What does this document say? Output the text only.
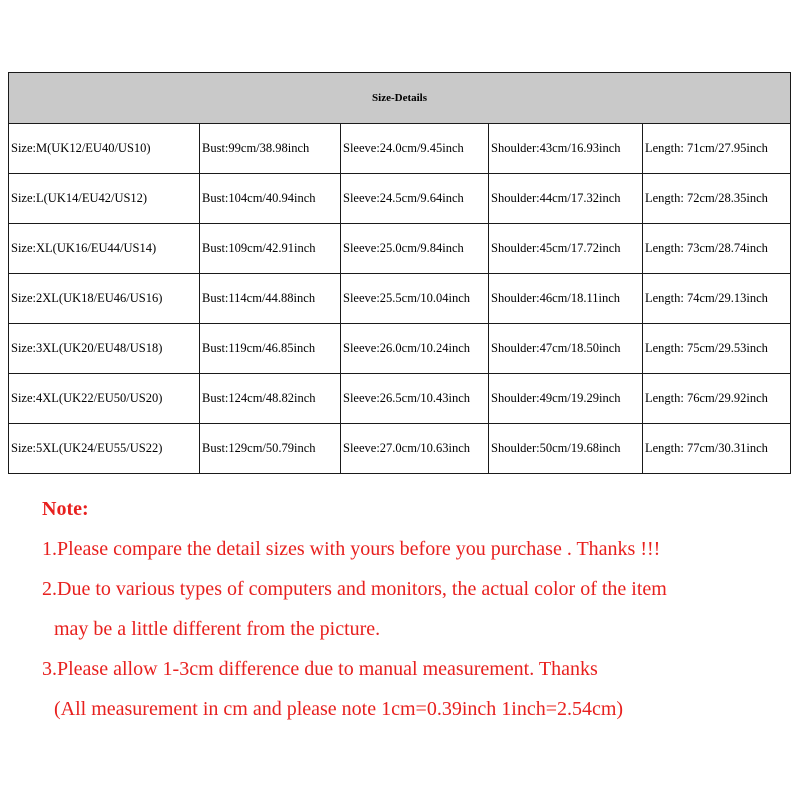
Size-Details				
Size:M(UK12/EU40/US10)	Bust:99cm/38.98inch	Sleeve:24.0cm/9.45inch	Shoulder:43cm/16.93inch	Length: 71cm/27.95inch
Size:L(UK14/EU42/US12)	Bust:104cm/40.94inch	Sleeve:24.5cm/9.64inch	Shoulder:44cm/17.32inch	Length: 72cm/28.35inch
Size:XL(UK16/EU44/US14)	Bust:109cm/42.91inch	Sleeve:25.0cm/9.84inch	Shoulder:45cm/17.72inch	Length: 73cm/28.74inch
Size:2XL(UK18/EU46/US16)	Bust:114cm/44.88inch	Sleeve:25.5cm/10.04inch	Shoulder:46cm/18.11inch	Length: 74cm/29.13inch
Size:3XL(UK20/EU48/US18)	Bust:119cm/46.85inch	Sleeve:26.0cm/10.24inch	Shoulder:47cm/18.50inch	Length: 75cm/29.53inch
Size:4XL(UK22/EU50/US20)	Bust:124cm/48.82inch	Sleeve:26.5cm/10.43inch	Shoulder:49cm/19.29inch	Length: 76cm/29.92inch
Size:5XL(UK24/EU55/US22)	Bust:129cm/50.79inch	Sleeve:27.0cm/10.63inch	Shoulder:50cm/19.68inch	Length: 77cm/30.31inch
Note:
1.Please compare the detail sizes with yours before you purchase . Thanks !!!
2.Due to various types of computers and monitors, the actual color of the item
may be a little different from the picture.
3.Please allow 1-3cm difference due to manual measurement. Thanks
(All measurement in cm and please note 1cm=0.39inch 1inch=2.54cm)
